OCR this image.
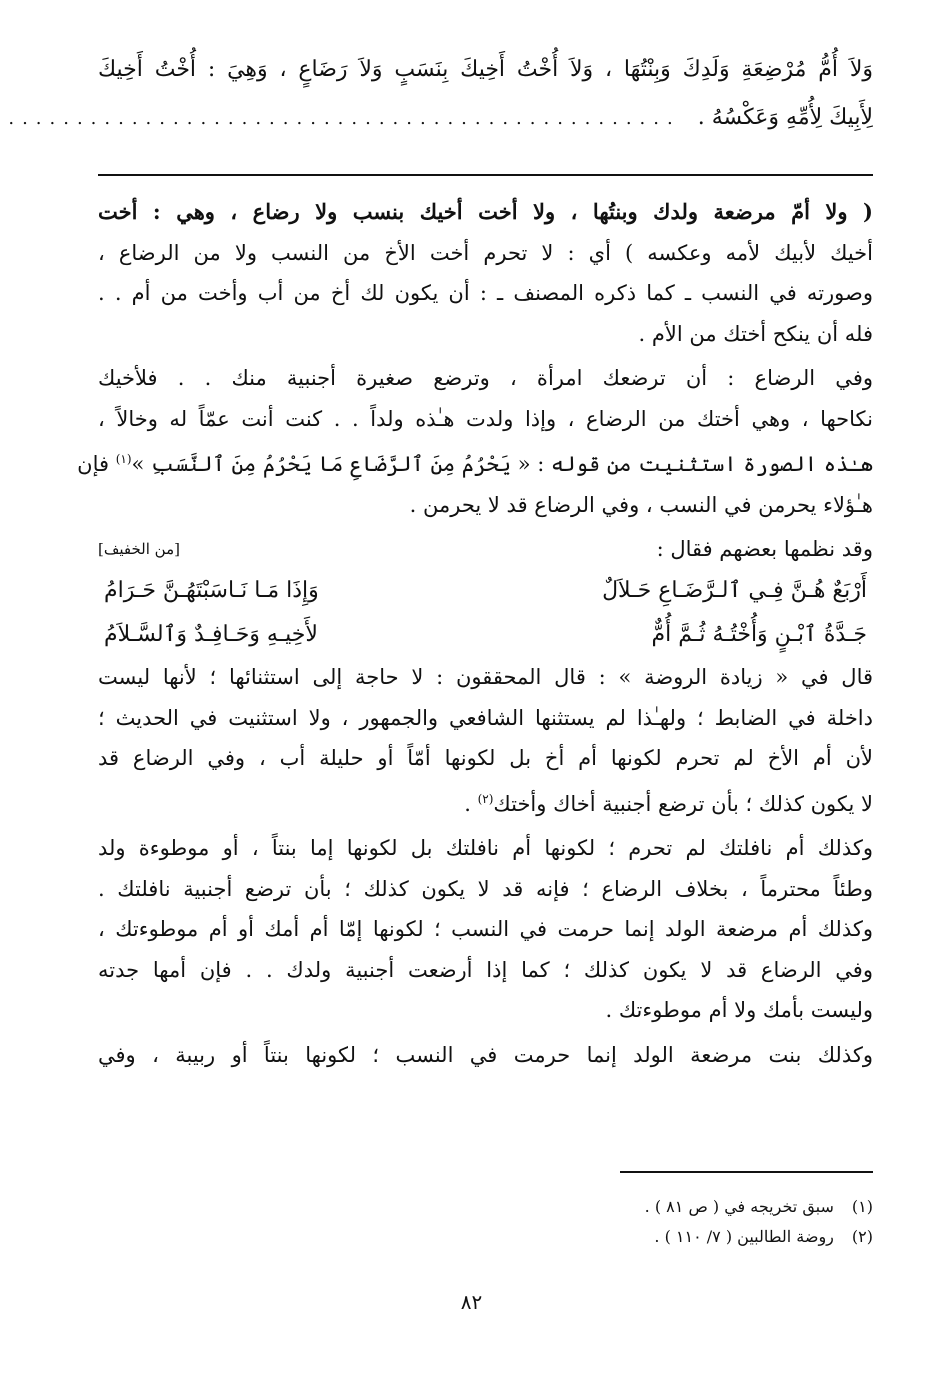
وَلاَ أُمُّ مُرْضِعَةِ وَلَدِكَ وَبِنْتُهَا ، وَلاَ أُخْتُ أَخِيكَ بِنَسَبٍ وَلاَ رَضَاعٍ ، وَهِيَ : أُخْتُ أَخِيكَ
لِأَبِيكَ لِأُمِّهِ وَعَكْسُهُ . .................................................
( ولا أمّ مرضعة ولدك وبنتُها ، ولا أخت أخيك بنسب ولا رضاع ، وهي : أخت
أخيك لأبيك لأمه وعكسه ) أي : لا تحرم أخت الأخ من النسب ولا من الرضاع ،
وصورته في النسب ـ كما ذكره المصنف ـ : أن يكون لك أخ من أب وأخت من أم . .
فله أن ينكح أختك من الأم .
وفي الرضاع : أن ترضعك امرأة ، وترضع صغيرة أجنبية منك . . فلأخيك
نكاحها ، وهي أختك من الرضاع ، وإذا ولدت هـٰذه ولداً . . كنت أنت عمّاً له وخالاً ،
هـٰذه الصورة استثنيت من قوله : « يَحْرُمُ مِنَ ٱلرَّضَاعِ مَا يَحْرُمُ مِنَ ٱلنَّسَبِ »$^{(١)}$ فإن
هـٰؤلاء يحرمن في النسب ، وفي الرضاع قد لا يحرمن .
وقد نظمها بعضهم فقال :
[من الخفيف]
أَرْبَعٌ هُـنَّ فِـي ٱلـرَّضَـاعِ حَـلاَلٌ
وَإِذَا مَـا نَـاسَبْتَهُـنَّ حَـرَامُ
جَـدَّةُ ٱبْـنٍ وَأُخْتُـهُ ثُـمَّ أُمٌّ
لأَخِيـهِ وَحَـافِـدٌ وَٱلسَّـلاَمُ
قال في « زيادة الروضة » : قال المحققون : لا حاجة إلى استثنائها ؛ لأنها ليست
داخلة في الضابط ؛ ولهـٰذا لم يستثنها الشافعي والجمهور ، ولا استثنيت في الحديث ؛
لأن أم الأخ لم تحرم لكونها أم أخ بل لكونها أمّاً أو حليلة أب ، وفي الرضاع قد
لا يكون كذلك ؛ بأن ترضع أجنبية أخاك وأختك$^{(٢)}$ .
وكذلك أم نافلتك لم تحرم ؛ لكونها أم نافلتك بل لكونها إما بنتاً ، أو موطوءة ولد
وطئاً محترماً ، بخلاف الرضاع ؛ فإنه قد لا يكون كذلك ؛ بأن ترضع أجنبية نافلتك .
وكذلك أم مرضعة الولد إنما حرمت في النسب ؛ لكونها إمّا أم أمك أو أم موطوءتك ،
وفي الرضاع قد لا يكون كذلك ؛ كما إذا أرضعت أجنبية ولدك . . فإن أمها جدته
وليست بأمك ولا أم موطوءتك .
وكذلك بنت مرضعة الولد إنما حرمت في النسب ؛ لكونها بنتاً أو ربيبة ، وفي
(١)
سبق تخريجه في ( ص ٨١ ) .
(٢)
روضة الطالبين ( ٧/ ١١٠ ) .
٨٢
